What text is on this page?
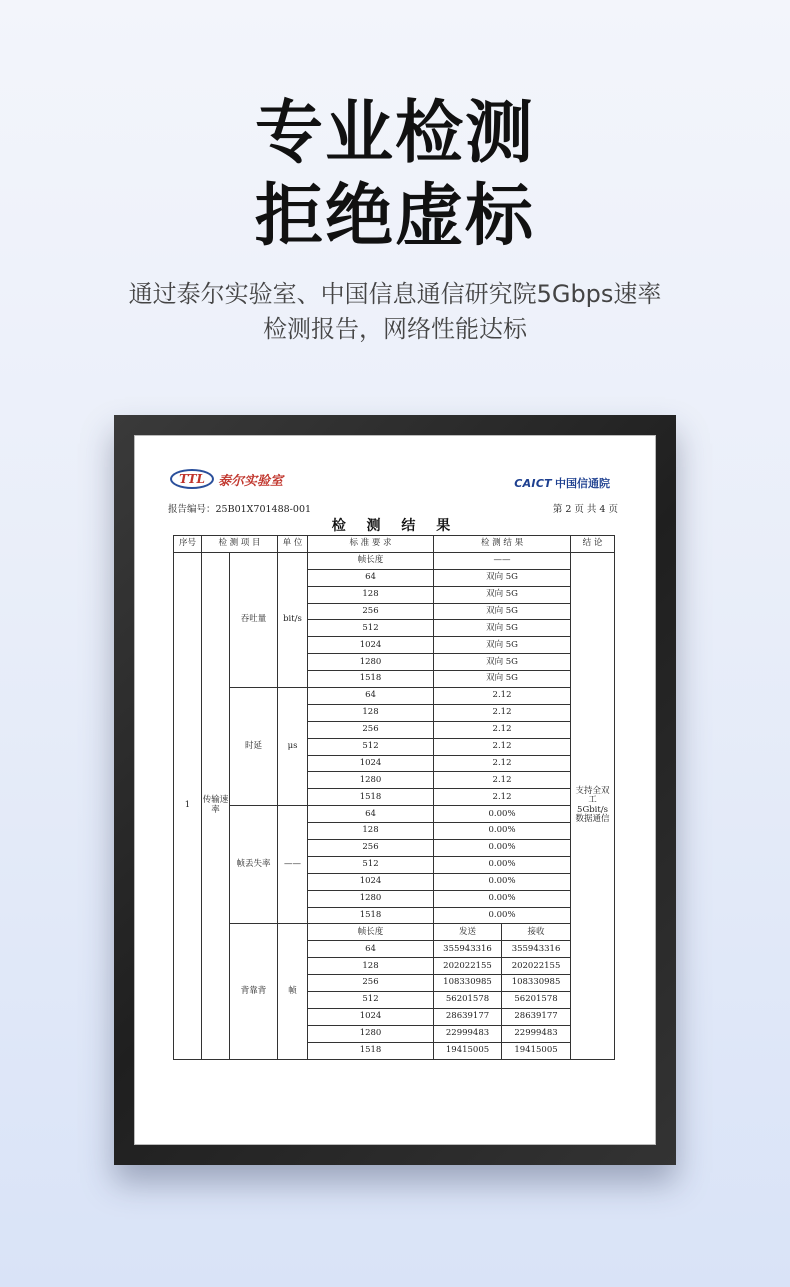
专业检测
拒绝虚标
通过泰尔实验室、中国信息通信研究院5Gbps速率
检测报告，网络性能达标
TTL	泰尔实验室	CAICT 中国信通院
报告编号：25B01X701488-001	第 2 页 共 4 页
检 测 结 果
序号	检 测 项 目		单 位	标 准 要 求	检 测 结 果		结 论
1	传输速率	吞吐量	bit/s	帧长度	——		支持全双工5Gbit/s数据通信
				64	双向 5G		
				128	双向 5G		
				256	双向 5G		
				512	双向 5G		
				1024	双向 5G		
				1280	双向 5G		
				1518	双向 5G		
		时延	μs	64	2.12		
				128	2.12		
				256	2.12		
				512	2.12		
				1024	2.12		
				1280	2.12		
				1518	2.12		
		帧丢失率	——	64	0.00%		
				128	0.00%		
				256	0.00%		
				512	0.00%		
				1024	0.00%		
				1280	0.00%		
				1518	0.00%		
		背靠背	帧	帧长度	发送	接收	
				64	355943316	355943316	
				128	202022155	202022155	
				256	108330985	108330985	
				512	56201578	56201578	
				1024	28639177	28639177	
				1280	22999483	22999483	
				1518	19415005	19415005	
